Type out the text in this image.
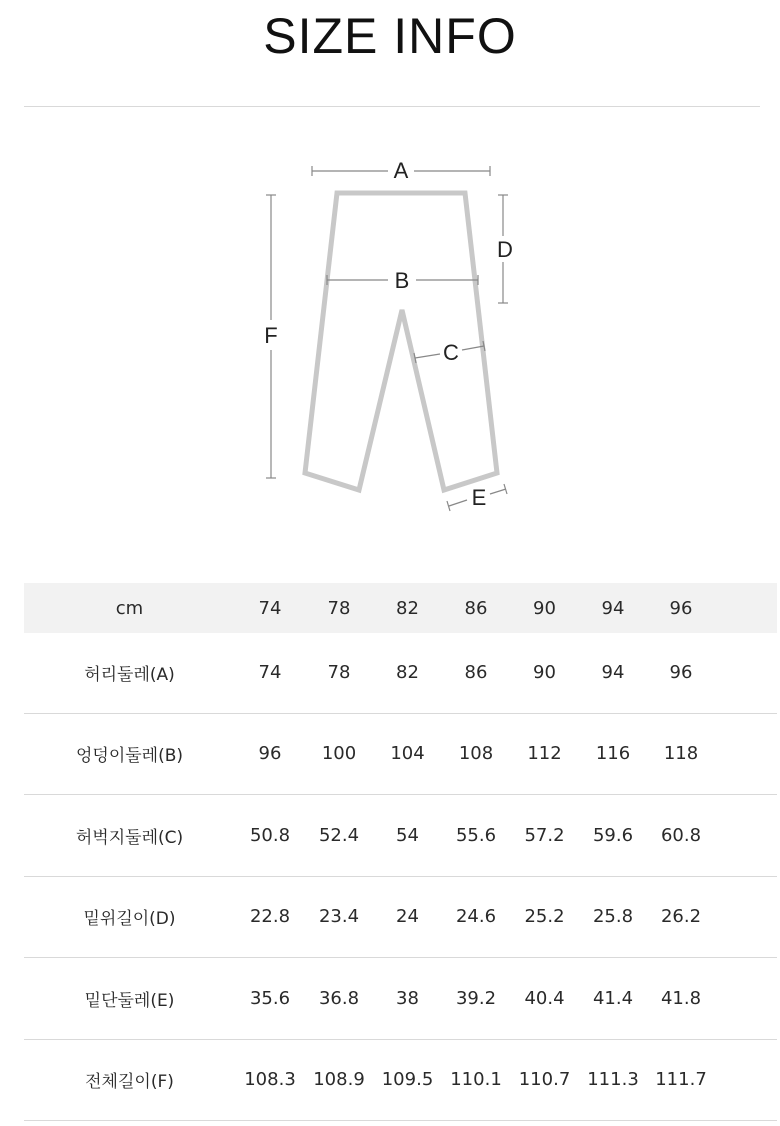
SIZE INFO
A
B
C
D
E
F
cm	74	78	82	86	90	94	96	
허리둘레(A)	74	78	82	86	90	94	96	
엉덩이둘레(B)	96	100	104	108	112	116	118	
허벅지둘레(C)	50.8	52.4	54	55.6	57.2	59.6	60.8	
밑위길이(D)	22.8	23.4	24	24.6	25.2	25.8	26.2	
밑단둘레(E)	35.6	36.8	38	39.2	40.4	41.4	41.8	
전체길이(F)	108.3	108.9	109.5	110.1	110.7	111.3	111.7	
